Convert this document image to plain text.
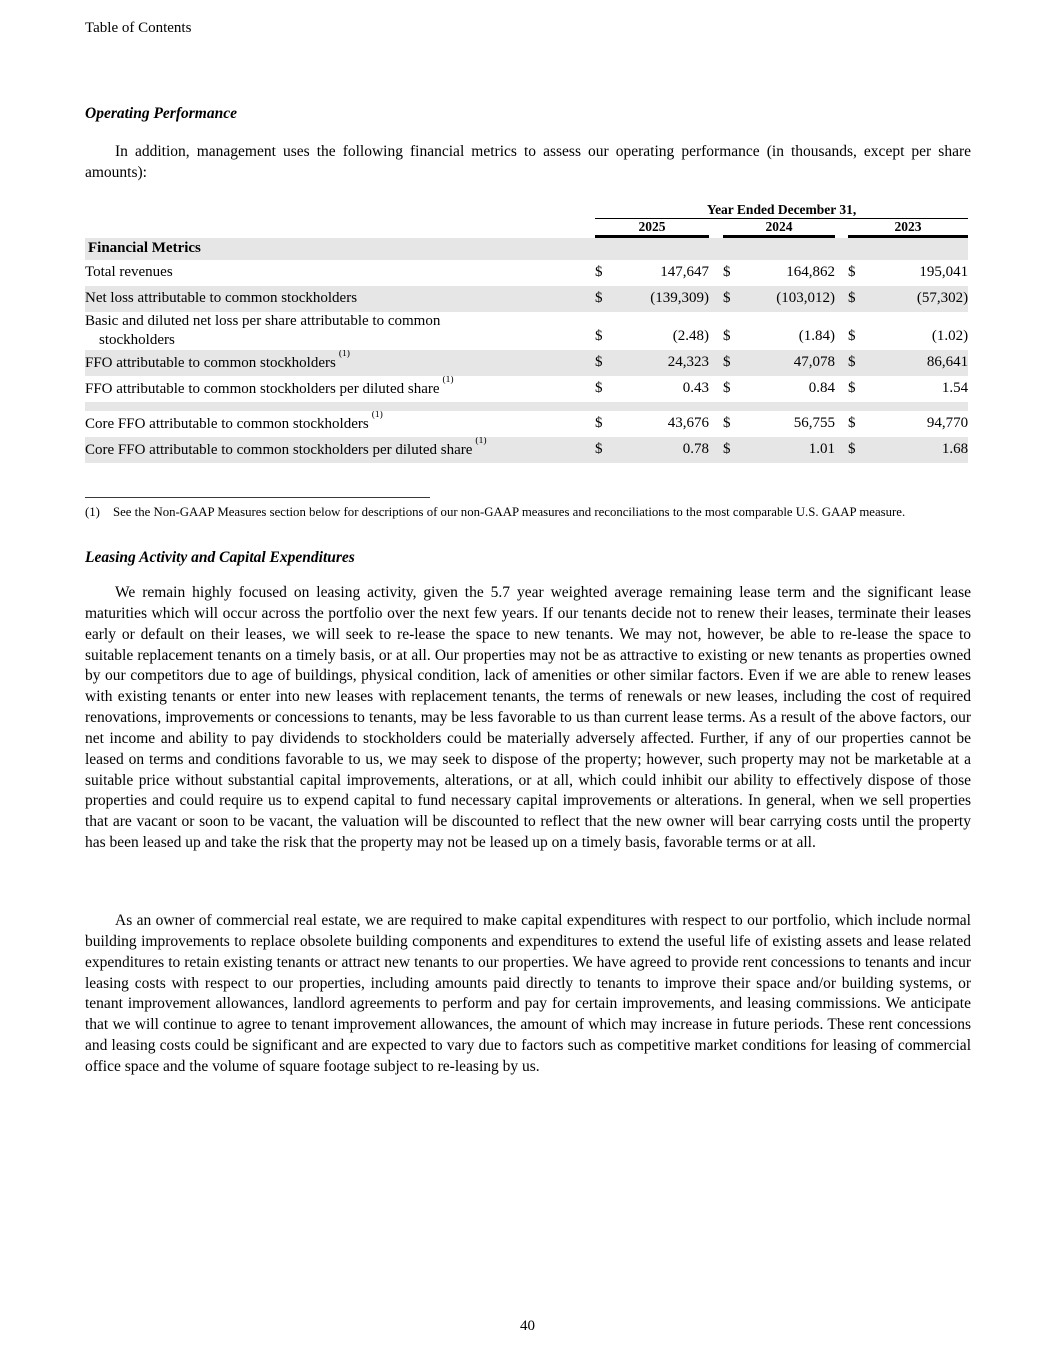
Table of Contents
Operating Performance
In addition, management uses the following financial metrics to assess our operating performance (in thousands, except per share amounts):
	Year Ended December 31,							
	2025			2024			2023	
Financial Metrics								
Total revenues	$	147,647		$	164,862		$	195,041
Net loss attributable to common stockholders	$	(139,309)		$	(103,012)		$	(57,302)

Basic and diluted net loss per share attributable to common
stockholders	$	(2.48)		$	(1.84)		$	(1.02)
FFO attributable to common stockholders$^{(1)}$	$	24,323		$	47,078		$	86,641
FFO attributable to common stockholders per diluted share$^{(1)}$	$	0.43		$	0.84		$	1.54

Core FFO attributable to common stockholders$^{(1)}$	$	43,676		$	56,755		$	94,770
Core FFO attributable to common stockholders per diluted share$^{(1)}$	$	0.78		$	1.01		$	1.68
(1)	See the Non-GAAP Measures section below for descriptions of our non-GAAP measures and reconciliations to the most comparable U.S. GAAP measure.
Leasing Activity and Capital Expenditures
We remain highly focused on leasing activity, given the 5.7 year weighted average remaining lease term and the significant lease maturities which will occur across the portfolio over the next few years. If our tenants decide not to renew their leases, terminate their leases early or default on their leases, we will seek to re-lease the space to new tenants. We may not, however, be able to re-lease the space to suitable replacement tenants on a timely basis, or at all. Our properties may not be as attractive to existing or new tenants as properties owned by our competitors due to age of buildings, physical condition, lack of amenities or other similar factors. Even if we are able to renew leases with existing tenants or enter into new leases with replacement tenants, the terms of renewals or new leases, including the cost of required renovations, improvements or concessions to tenants, may be less favorable to us than current lease terms. As a result of the above factors, our net income and ability to pay dividends to stockholders could be materially adversely affected. Further, if any of our properties cannot be leased on terms and conditions favorable to us, we may seek to dispose of the property; however, such property may not be marketable at a suitable price without substantial capital improvements, alterations, or at all, which could inhibit our ability to effectively dispose of those properties and could require us to expend capital to fund necessary capital improvements or alterations. In general, when we sell properties that are vacant or soon to be vacant, the valuation will be discounted to reflect that the new owner will bear carrying costs until the property has been leased up and take the risk that the property may not be leased up on a timely basis, favorable terms or at all.
As an owner of commercial real estate, we are required to make capital expenditures with respect to our portfolio, which include normal building improvements to replace obsolete building components and expenditures to extend the useful life of existing assets and lease related expenditures to retain existing tenants or attract new tenants to our properties. We have agreed to provide rent concessions to tenants and incur leasing costs with respect to our properties, including amounts paid directly to tenants to improve their space and/or building systems, or tenant improvement allowances, landlord agreements to perform and pay for certain improvements, and leasing commissions. We anticipate that we will continue to agree to tenant improvement allowances, the amount of which may increase in future periods. These rent concessions and leasing costs could be significant and are expected to vary due to factors such as competitive market conditions for leasing of commercial office space and the volume of square footage subject to re-leasing by us.
40
